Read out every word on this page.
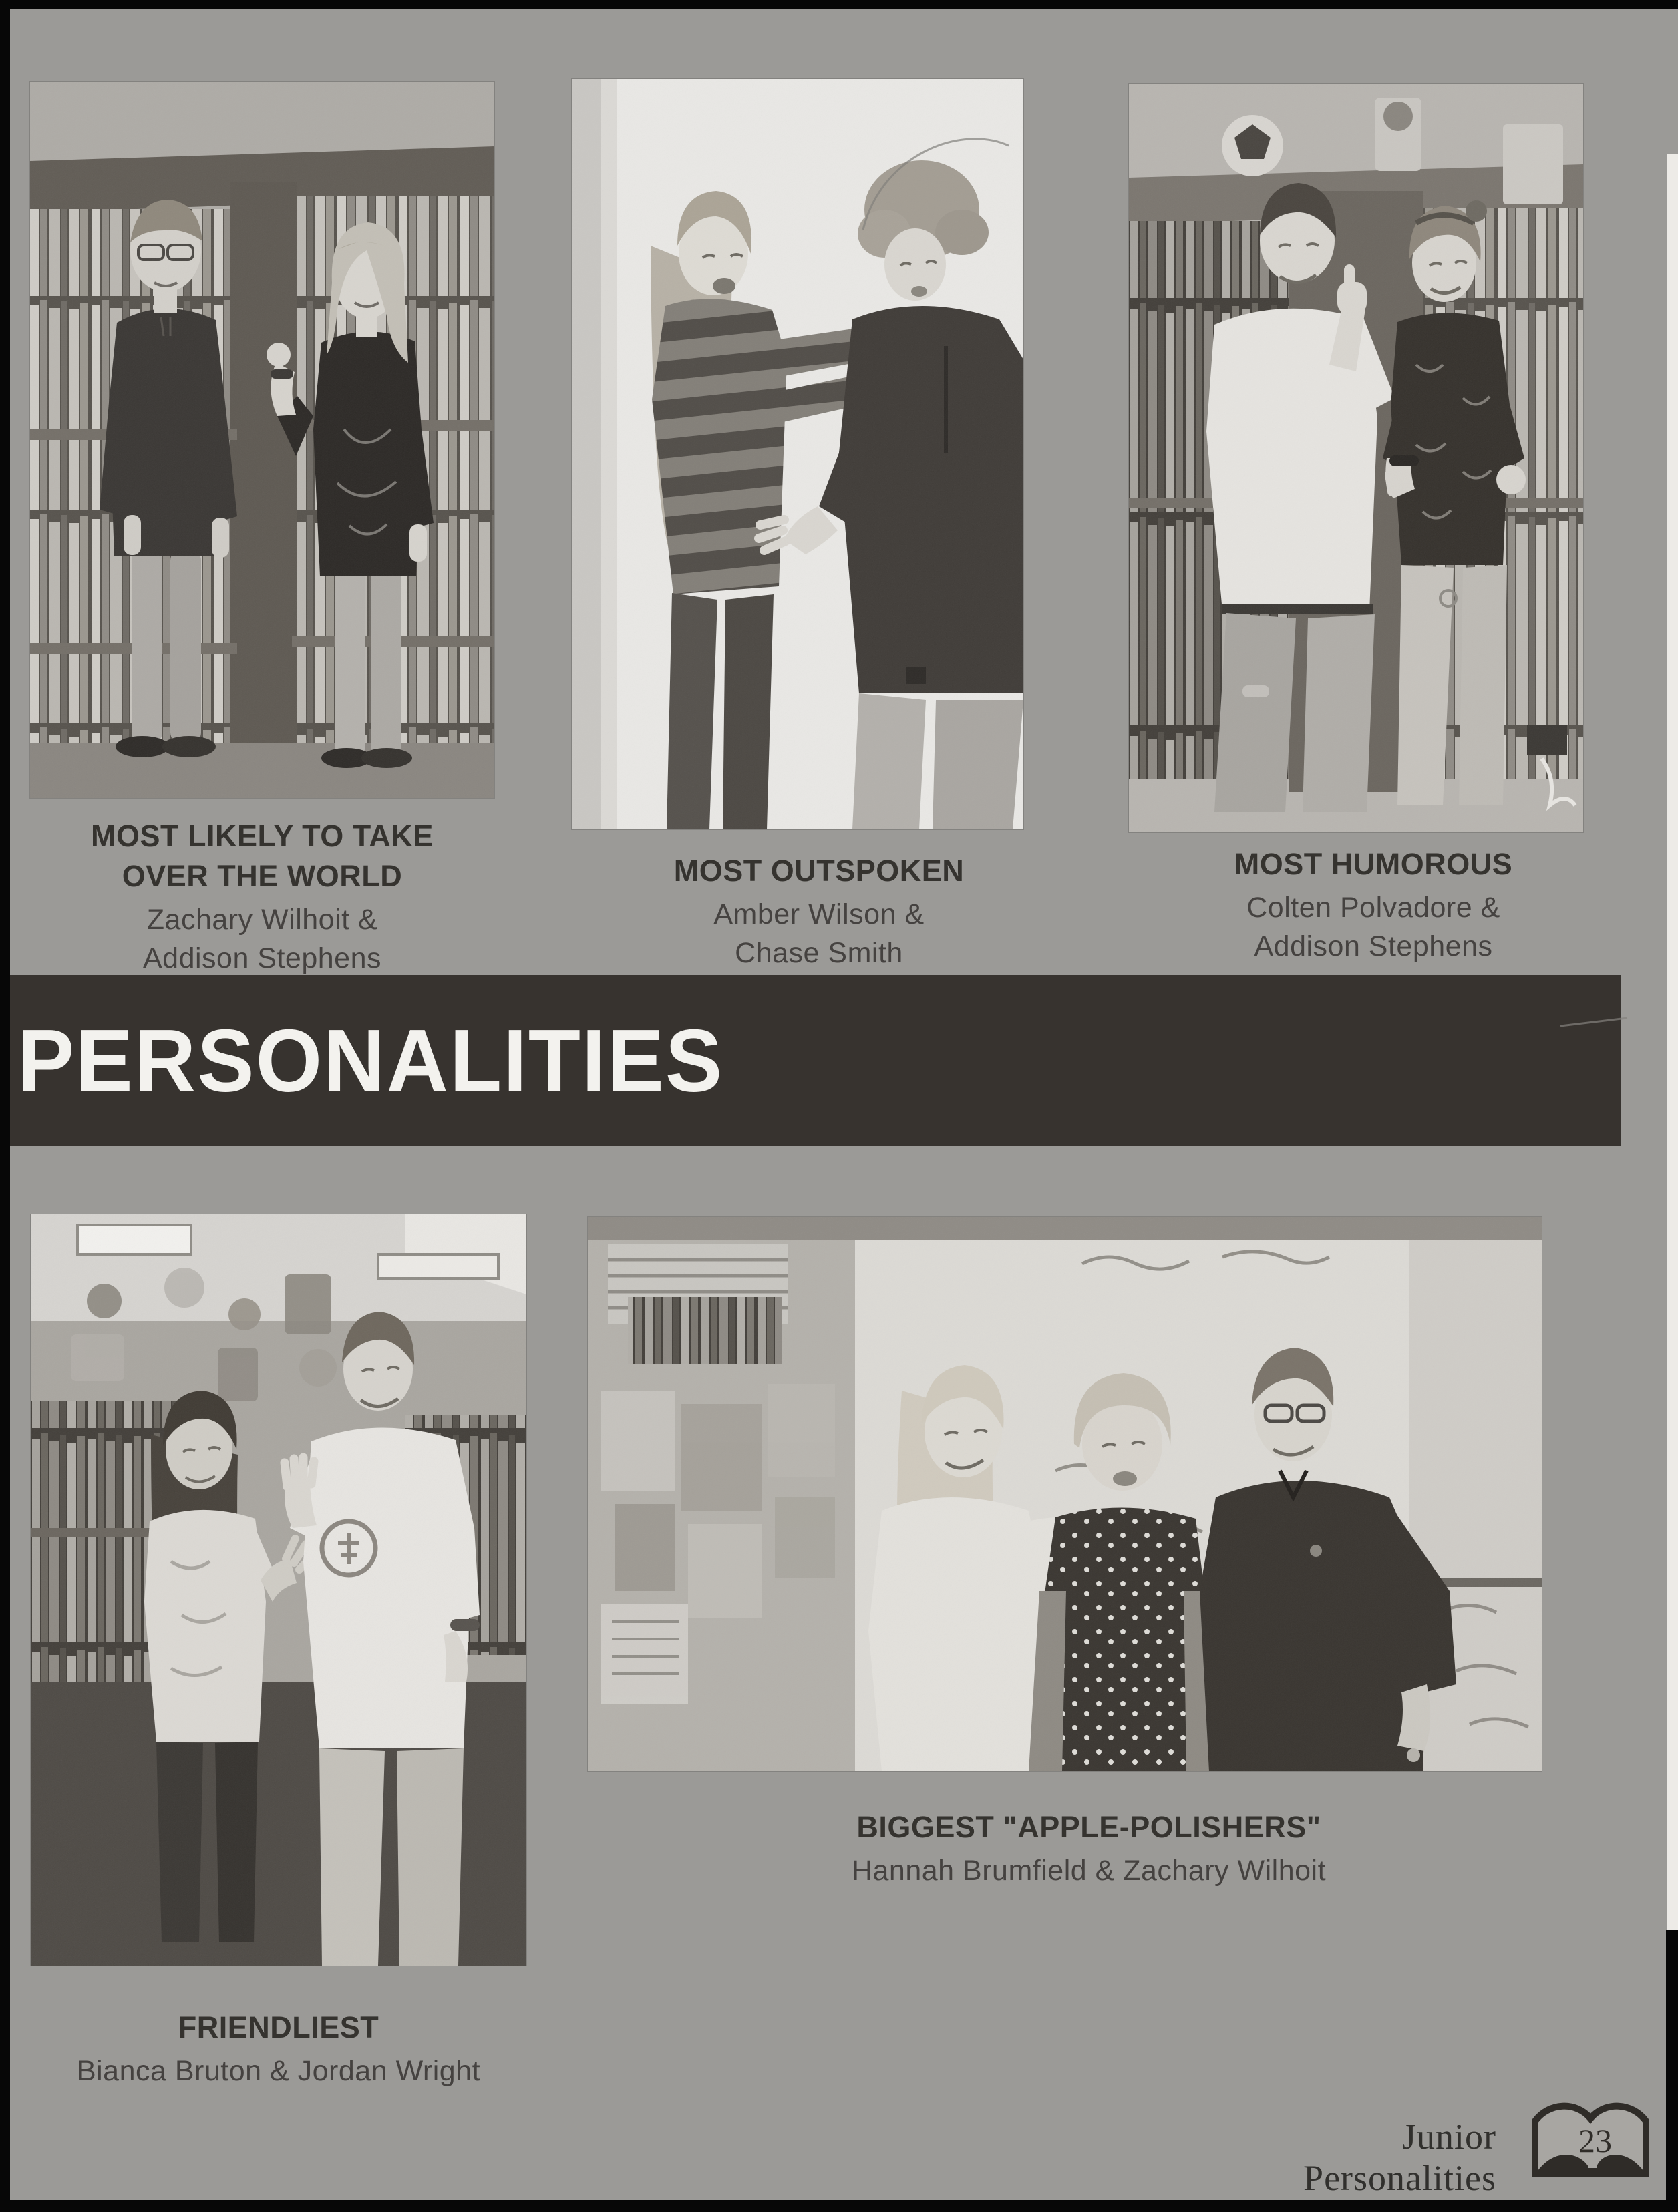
MOST LIKELY TO TAKE
OVER THE WORLD
Zachary Wilhoit &
Addison Stephens
MOST OUTSPOKEN
Amber Wilson &
Chase Smith
MOST HUMOROUS
Colten Polvadore &
Addison Stephens
FRIENDLIEST
Bianca Bruton & Jordan Wright
BIGGEST "APPLE-POLISHERS"
Hannah Brumfield & Zachary Wilhoit
PERSONALITIES
Junior Personalities
23
